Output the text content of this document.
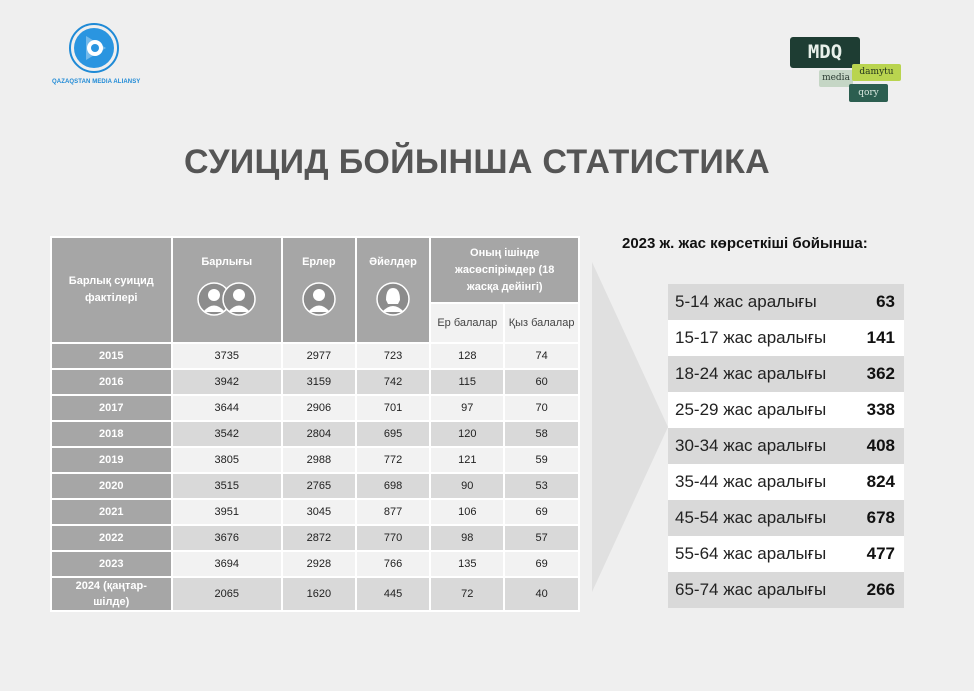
QAZAQSTAN MEDIA ALIANSY
MDQ
media
damytu
qory
СУИЦИД БОЙЫНША СТАТИСТИКА
Барлық суицид фактілері	Барлығы	Ерлер	Әйелдер	Оның ішінде жасөспірімдер (18 жасқа дейінгі)	

				Ер балалар	Қыз балалар
2015	3735	2977	723	128	74
2016	3942	3159	742	115	60
2017	3644	2906	701	97	70
2018	3542	2804	695	120	58
2019	3805	2988	772	121	59
2020	3515	2765	698	90	53
2021	3951	3045	877	106	69
2022	3676	2872	770	98	57
2023	3694	2928	766	135	69
2024 (қаңтар-шілде)	2065	1620	445	72	40
2023 ж. жас көрсеткіші бойынша:
5-14 жас аралығы	63
15-17 жас аралығы 141
18-24 жас аралығы 362
25-29 жас аралығы 338
30-34 жас аралығы 408
35-44 жас аралығы 824
45-54 жас аралығы 678
55-64 жас аралығы 477
65-74 жас аралығы 266
